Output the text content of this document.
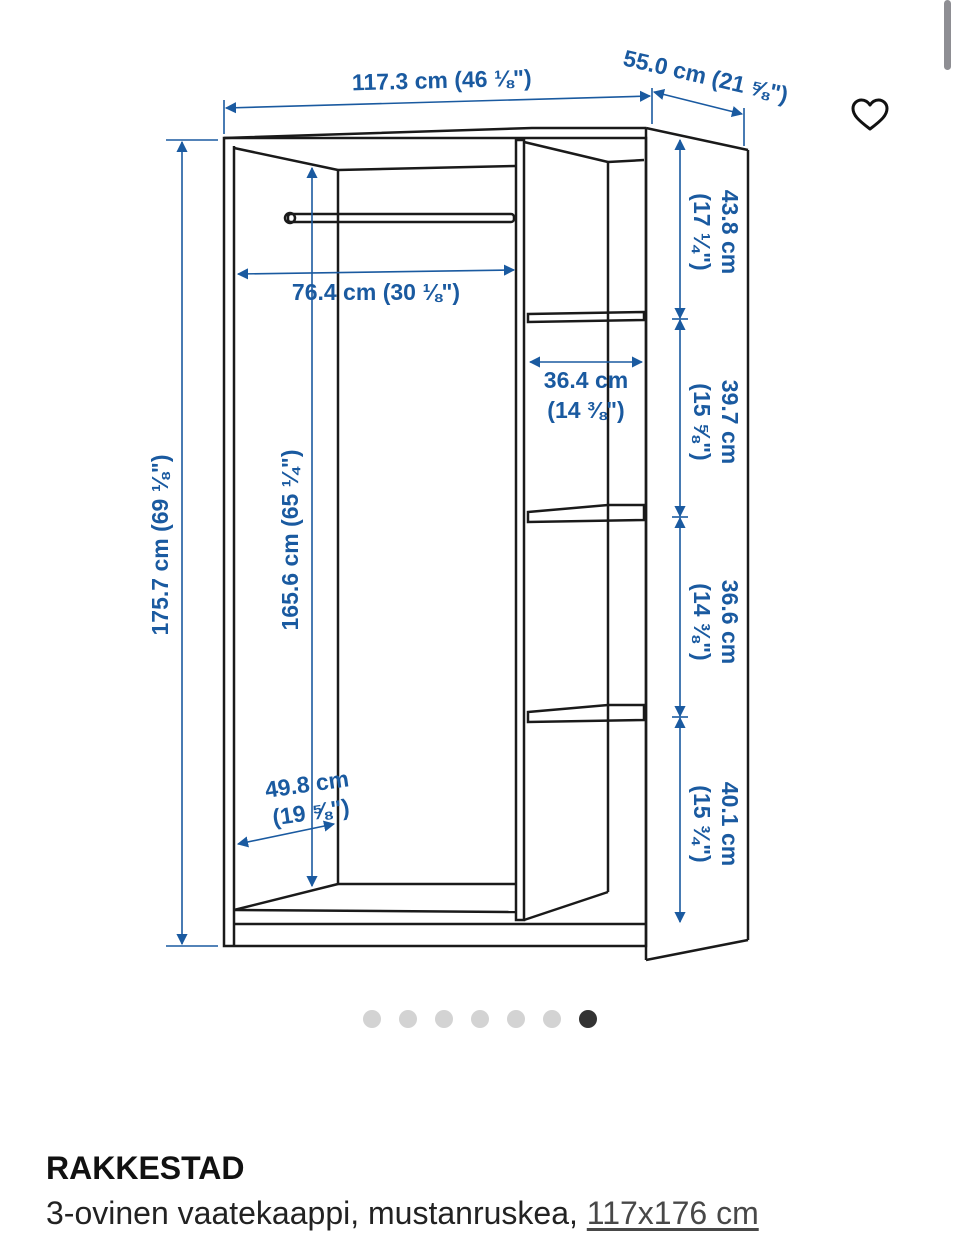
117.3 cm (46 ⅛")	55.0 cm (21 ⅝")
175.7 cm (69 ⅛")	165.6 cm (65 ¼")
76.4 cm (30 ⅛")
49.8 cm
(19 ⅝")
36.4 cm
(14 ⅜")
43.8 cm
(17 ¼")
39.7 cm
(15 ⅝")
36.6 cm
(14 ⅜")
40.1 cm
(15 ¾")
RAKKESTAD

3-ovinen vaatekaappi, mustanruskea, 117x176 cm
